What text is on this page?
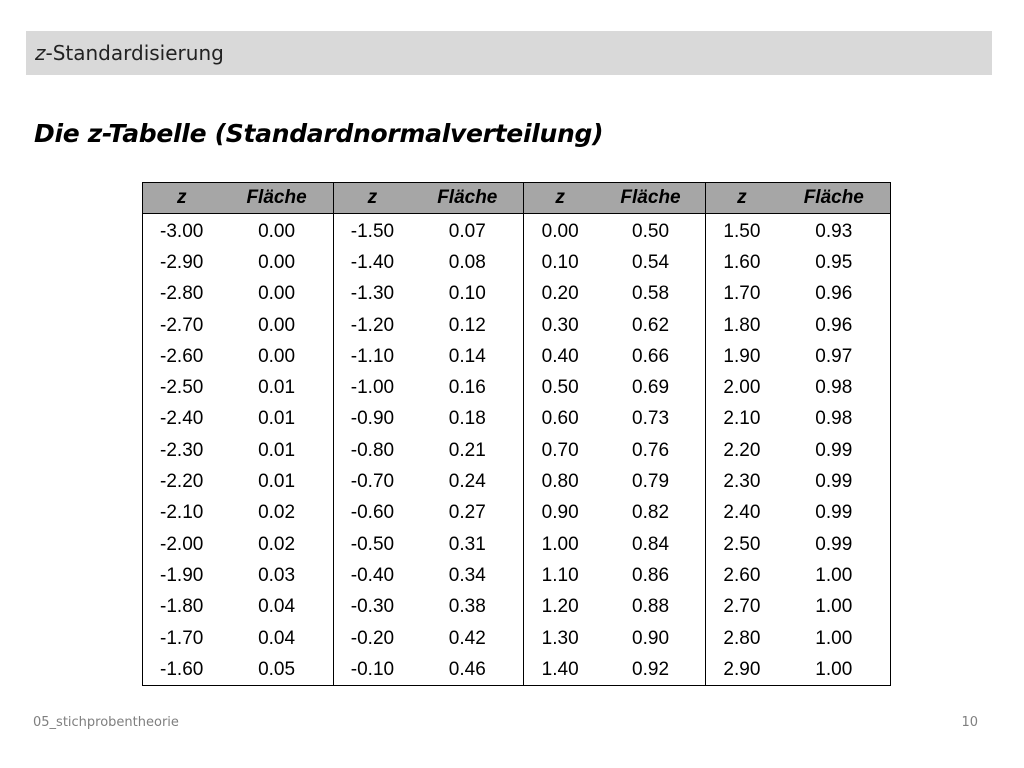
z -Standardisierung
Die z-Tabelle (Standardnormalverteilung)
z	Fläche	z	Fläche	z	Fläche	z	Fläche
-3.00	0.00	-1.50	0.07	0.00	0.50	1.50	0.93
-2.90	0.00	-1.40	0.08	0.10	0.54	1.60	0.95
-2.80	0.00	-1.30	0.10	0.20	0.58	1.70	0.96
-2.70	0.00	-1.20	0.12	0.30	0.62	1.80	0.96
-2.60	0.00	-1.10	0.14	0.40	0.66	1.90	0.97
-2.50	0.01	-1.00	0.16	0.50	0.69	2.00	0.98
-2.40	0.01	-0.90	0.18	0.60	0.73	2.10	0.98
-2.30	0.01	-0.80	0.21	0.70	0.76	2.20	0.99
-2.20	0.01	-0.70	0.24	0.80	0.79	2.30	0.99
-2.10	0.02	-0.60	0.27	0.90	0.82	2.40	0.99
-2.00	0.02	-0.50	0.31	1.00	0.84	2.50	0.99
-1.90	0.03	-0.40	0.34	1.10	0.86	2.60	1.00
-1.80	0.04	-0.30	0.38	1.20	0.88	2.70	1.00
-1.70	0.04	-0.20	0.42	1.30	0.90	2.80	1.00
-1.60	0.05	-0.10	0.46	1.40	0.92	2.90	1.00
05_stichprobentheorie	10
